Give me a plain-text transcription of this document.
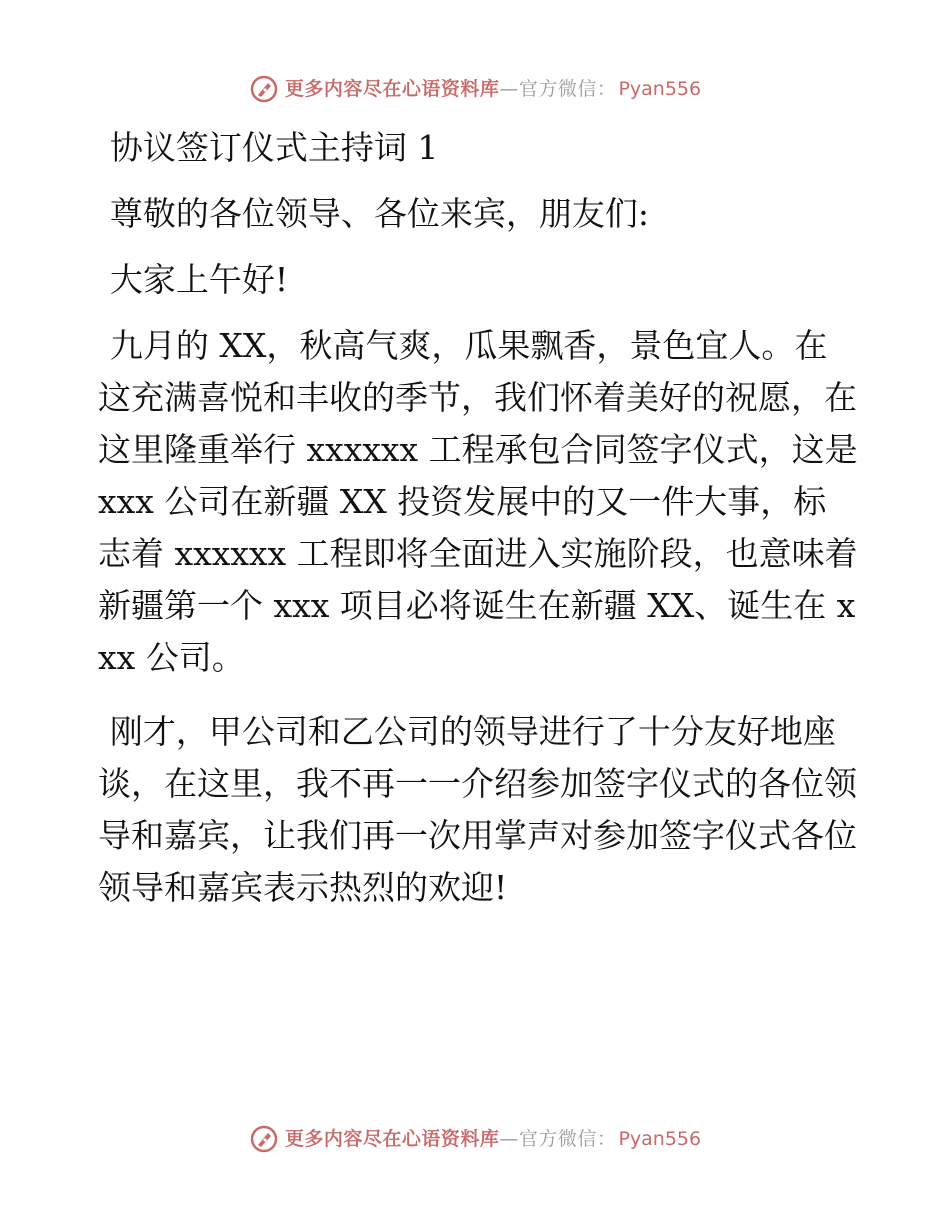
更多内容尽在心语资料库 —官方微信： Pyan556

协议签订仪式主持词 1

尊敬的各位领导、各位来宾，朋友们:

大家上午好!

九月的 XX，秋高气爽，瓜果飘香，景色宜人。在这充满喜悦和丰收的季节，我们怀着美好的祝愿，在这里隆重举行 xxxxxx 工程承包合同签字仪式，这是 xxx 公司在新疆 XX 投资发展中的又一件大事，标志着 xxxxxx 工程即将全面进入实施阶段，也意味着新疆第一个 xxx 项目必将诞生在新疆 XX、诞生在 xxx 公司。

刚才，甲公司和乙公司的领导进行了十分友好地座谈，在这里，我不再一一介绍参加签字仪式的各位领导和嘉宾，让我们再一次用掌声对参加签字仪式各位领导和嘉宾表示热烈的欢迎!

更多内容尽在心语资料库 —官方微信： Pyan556
